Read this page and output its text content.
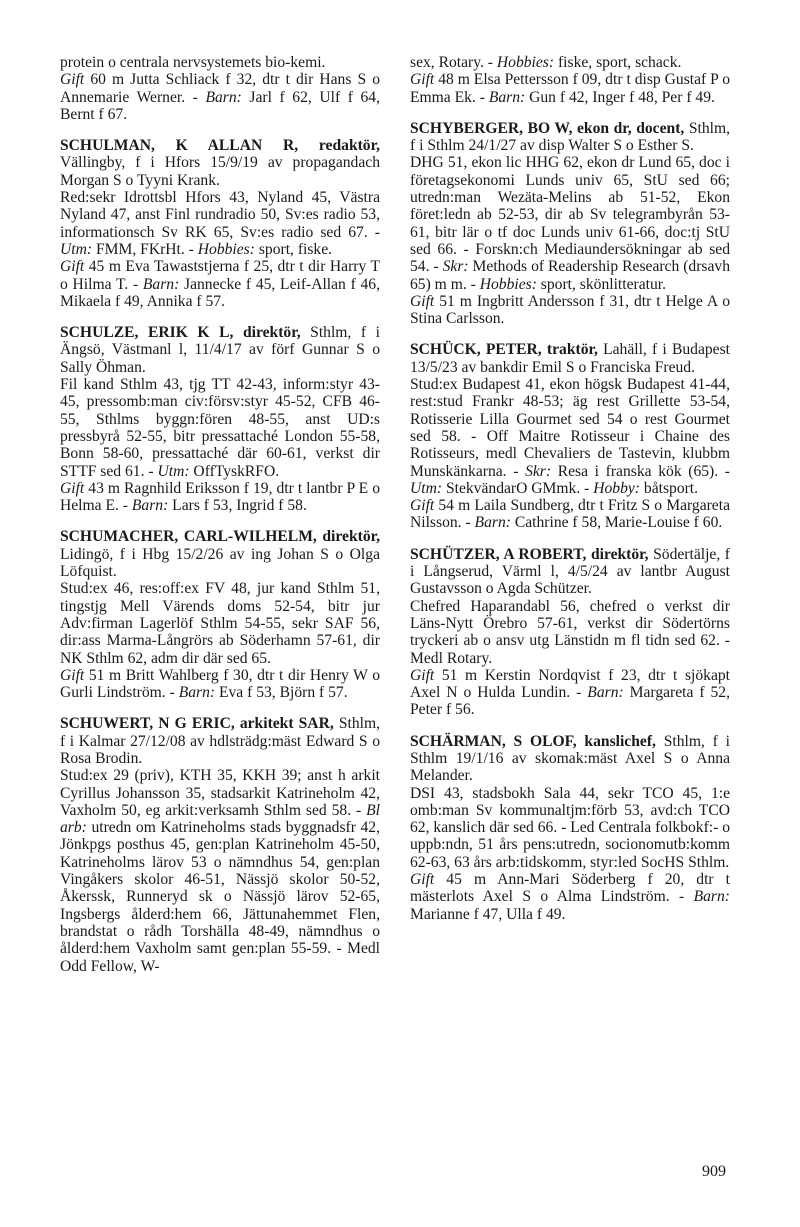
protein o centrala nervsystemets bio-kemi.

Gift 60 m Jutta Schliack f 32, dtr t dir Hans S o Annemarie Werner. - Barn: Jarl f 62, Ulf f 64, Bernt f 67.

SCHULMAN, K ALLAN R, redaktör, Vällingby, f i Hfors 15/9/19 av propagandach Morgan S o Tyyni Krank.

Red:sekr Idrottsbl Hfors 43, Nyland 45, Västra Nyland 47, anst Finl rundradio 50, Sv:es radio 53, informationsch Sv RK 65, Sv:es radio sed 67. - Utm: FMM, FKrHt. - Hobbies: sport, fiske.

Gift 45 m Eva Tawaststjerna f 25, dtr t dir Harry T o Hilma T. - Barn: Jannecke f 45, Leif-Allan f 46, Mikaela f 49, Annika f 57.

SCHULZE, ERIK K L, direktör, Sthlm, f i Ängsö, Västmanl l, 11/4/17 av förf Gunnar S o Sally Öhman.

Fil kand Sthlm 43, tjg TT 42-43, inform:styr 43-45, pressomb:man civ:försv:styr 45-52, CFB 46-55, Sthlms byggn:fören 48-55, anst UD:s pressbyrå 52-55, bitr pressattaché London 55-58, Bonn 58-60, pressattaché där 60-61, verkst dir STTF sed 61. - Utm: OffTyskRFO.

Gift 43 m Ragnhild Eriksson f 19, dtr t lantbr P E o Helma E. - Barn: Lars f 53, Ingrid f 58.

SCHUMACHER, CARL-WILHELM, direktör, Lidingö, f i Hbg 15/2/26 av ing Johan S o Olga Löfquist.

Stud:ex 46, res:off:ex FV 48, jur kand Sthlm 51, tingstjg Mell Värends doms 52-54, bitr jur Adv:firman Lagerlöf Sthlm 54-55, sekr SAF 56, dir:ass Marma-Långrörs ab Söderhamn 57-61, dir NK Sthlm 62, adm dir där sed 65.

Gift 51 m Britt Wahlberg f 30, dtr t dir Henry W o Gurli Lindström. - Barn: Eva f 53, Björn f 57.

SCHUWERT, N G ERIC, arkitekt SAR, Sthlm, f i Kalmar 27/12/08 av hdlsträdg:mäst Edward S o Rosa Brodin.

Stud:ex 29 (priv), KTH 35, KKH 39; anst h arkit Cyrillus Johansson 35, stadsarkit Katrineholm 42, Vaxholm 50, eg arkit:verksamh Sthlm sed 58. - Bl arb: utredn om Katrineholms stads byggnadsfr 42, Jönkpgs posthus 45, gen:plan Katrineholm 45-50, Katrineholms lärov 53 o nämndhus 54, gen:plan Vingåkers skolor 46-51, Nässjö skolor 50-52, Åkerssk, Runneryd sk o Nässjö lärov 52-65, Ingsbergs ålderd:hem 66, Jättunahemmet Flen, brandstat o rådh Torshälla 48-49, nämndhus o ålderd:hem Vaxholm samt gen:plan 55-59. - Medl Odd Fellow, W-

sex, Rotary. - Hobbies: fiske, sport, schack.

Gift 48 m Elsa Pettersson f 09, dtr t disp Gustaf P o Emma Ek. - Barn: Gun f 42, Inger f 48, Per f 49.

SCHYBERGER, BO W, ekon dr, docent, Sthlm, f i Sthlm 24/1/27 av disp Walter S o Esther S.

DHG 51, ekon lic HHG 62, ekon dr Lund 65, doc i företagsekonomi Lunds univ 65, StU sed 66; utredn:man Wezäta-Melins ab 51-52, Ekon föret:ledn ab 52-53, dir ab Sv telegrambyrån 53-61, bitr lär o tf doc Lunds univ 61-66, doc:tj StU sed 66. - Forskn:ch Mediaundersökningar ab sed 54. - Skr: Methods of Readership Research (drsavh 65) m m. - Hobbies: sport, skönlitteratur.

Gift 51 m Ingbritt Andersson f 31, dtr t Helge A o Stina Carlsson.

SCHÜCK, PETER, traktör, Lahäll, f i Budapest 13/5/23 av bankdir Emil S o Franciska Freud.

Stud:ex Budapest 41, ekon högsk Budapest 41-44, rest:stud Frankr 48-53; äg rest Grillette 53-54, Rotisserie Lilla Gourmet sed 54 o rest Gourmet sed 58. - Off Maitre Rotisseur i Chaine des Rotisseurs, medl Chevaliers de Tastevin, klubbm Munskänkarna. - Skr: Resa i franska kök (65). - Utm: StekvändarO GMmk. - Hobby: båtsport.

Gift 54 m Laila Sundberg, dtr t Fritz S o Margareta Nilsson. - Barn: Cathrine f 58, Marie-Louise f 60.

SCHÜTZER, A ROBERT, direktör, Södertälje, f i Långserud, Värml l, 4/5/24 av lantbr August Gustavsson o Agda Schützer.

Chefred Haparandabl 56, chefred o verkst dir Läns-Nytt Örebro 57-61, verkst dir Södertörns tryckeri ab o ansv utg Länstidn m fl tidn sed 62. - Medl Rotary.

Gift 51 m Kerstin Nordqvist f 23, dtr t sjökapt Axel N o Hulda Lundin. - Barn: Margareta f 52, Peter f 56.

SCHÄRMAN, S OLOF, kanslichef, Sthlm, f i Sthlm 19/1/16 av skomak:mäst Axel S o Anna Melander.

DSI 43, stadsbokh Sala 44, sekr TCO 45, 1:e omb:man Sv kommunaltjm:förb 53, avd:ch TCO 62, kanslich där sed 66. - Led Centrala folkbokf:- o uppb:ndn, 51 års pens:utredn, socionomutb:komm 62-63, 63 års arb:tidskomm, styr:led SocHS Sthlm.

Gift 45 m Ann-Mari Söderberg f 20, dtr t mästerlots Axel S o Alma Lindström. - Barn: Marianne f 47, Ulla f 49.

909
